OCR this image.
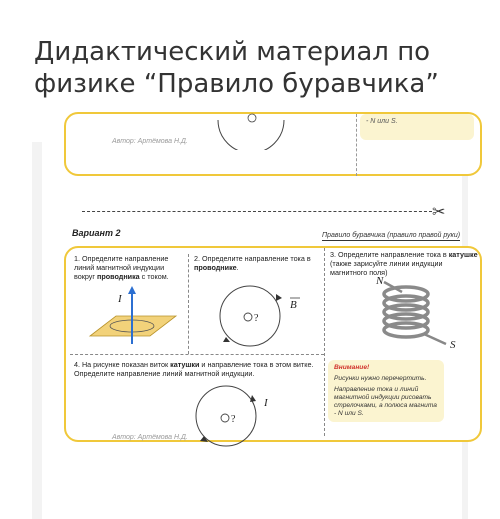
Дидактический материал по
физике “Правило буравчика”
Автор: Артёмова Н.Д.
- N или S.
✂
Вариант 2	Правило буравчика (правило правой руки)
1. Определите направление линий магнитной индукции вокруг проводника с током.
I
2. Определите направление тока в проводнике.
?
B
3. Определите направление тока в катушке (также зарисуйте линии индукции магнитного поля)
N
S
4. На рисунке показан виток катушки и направление тока в этом витке. Определите направление линий магнитной индукции.
?
I
Внимание!

Рисунки нужно перечертить.

Направление тока и линий магнитной индукции рисовать стрелочками, а полюса магнита - N или S.

Автор: Артёмова Н.Д.
